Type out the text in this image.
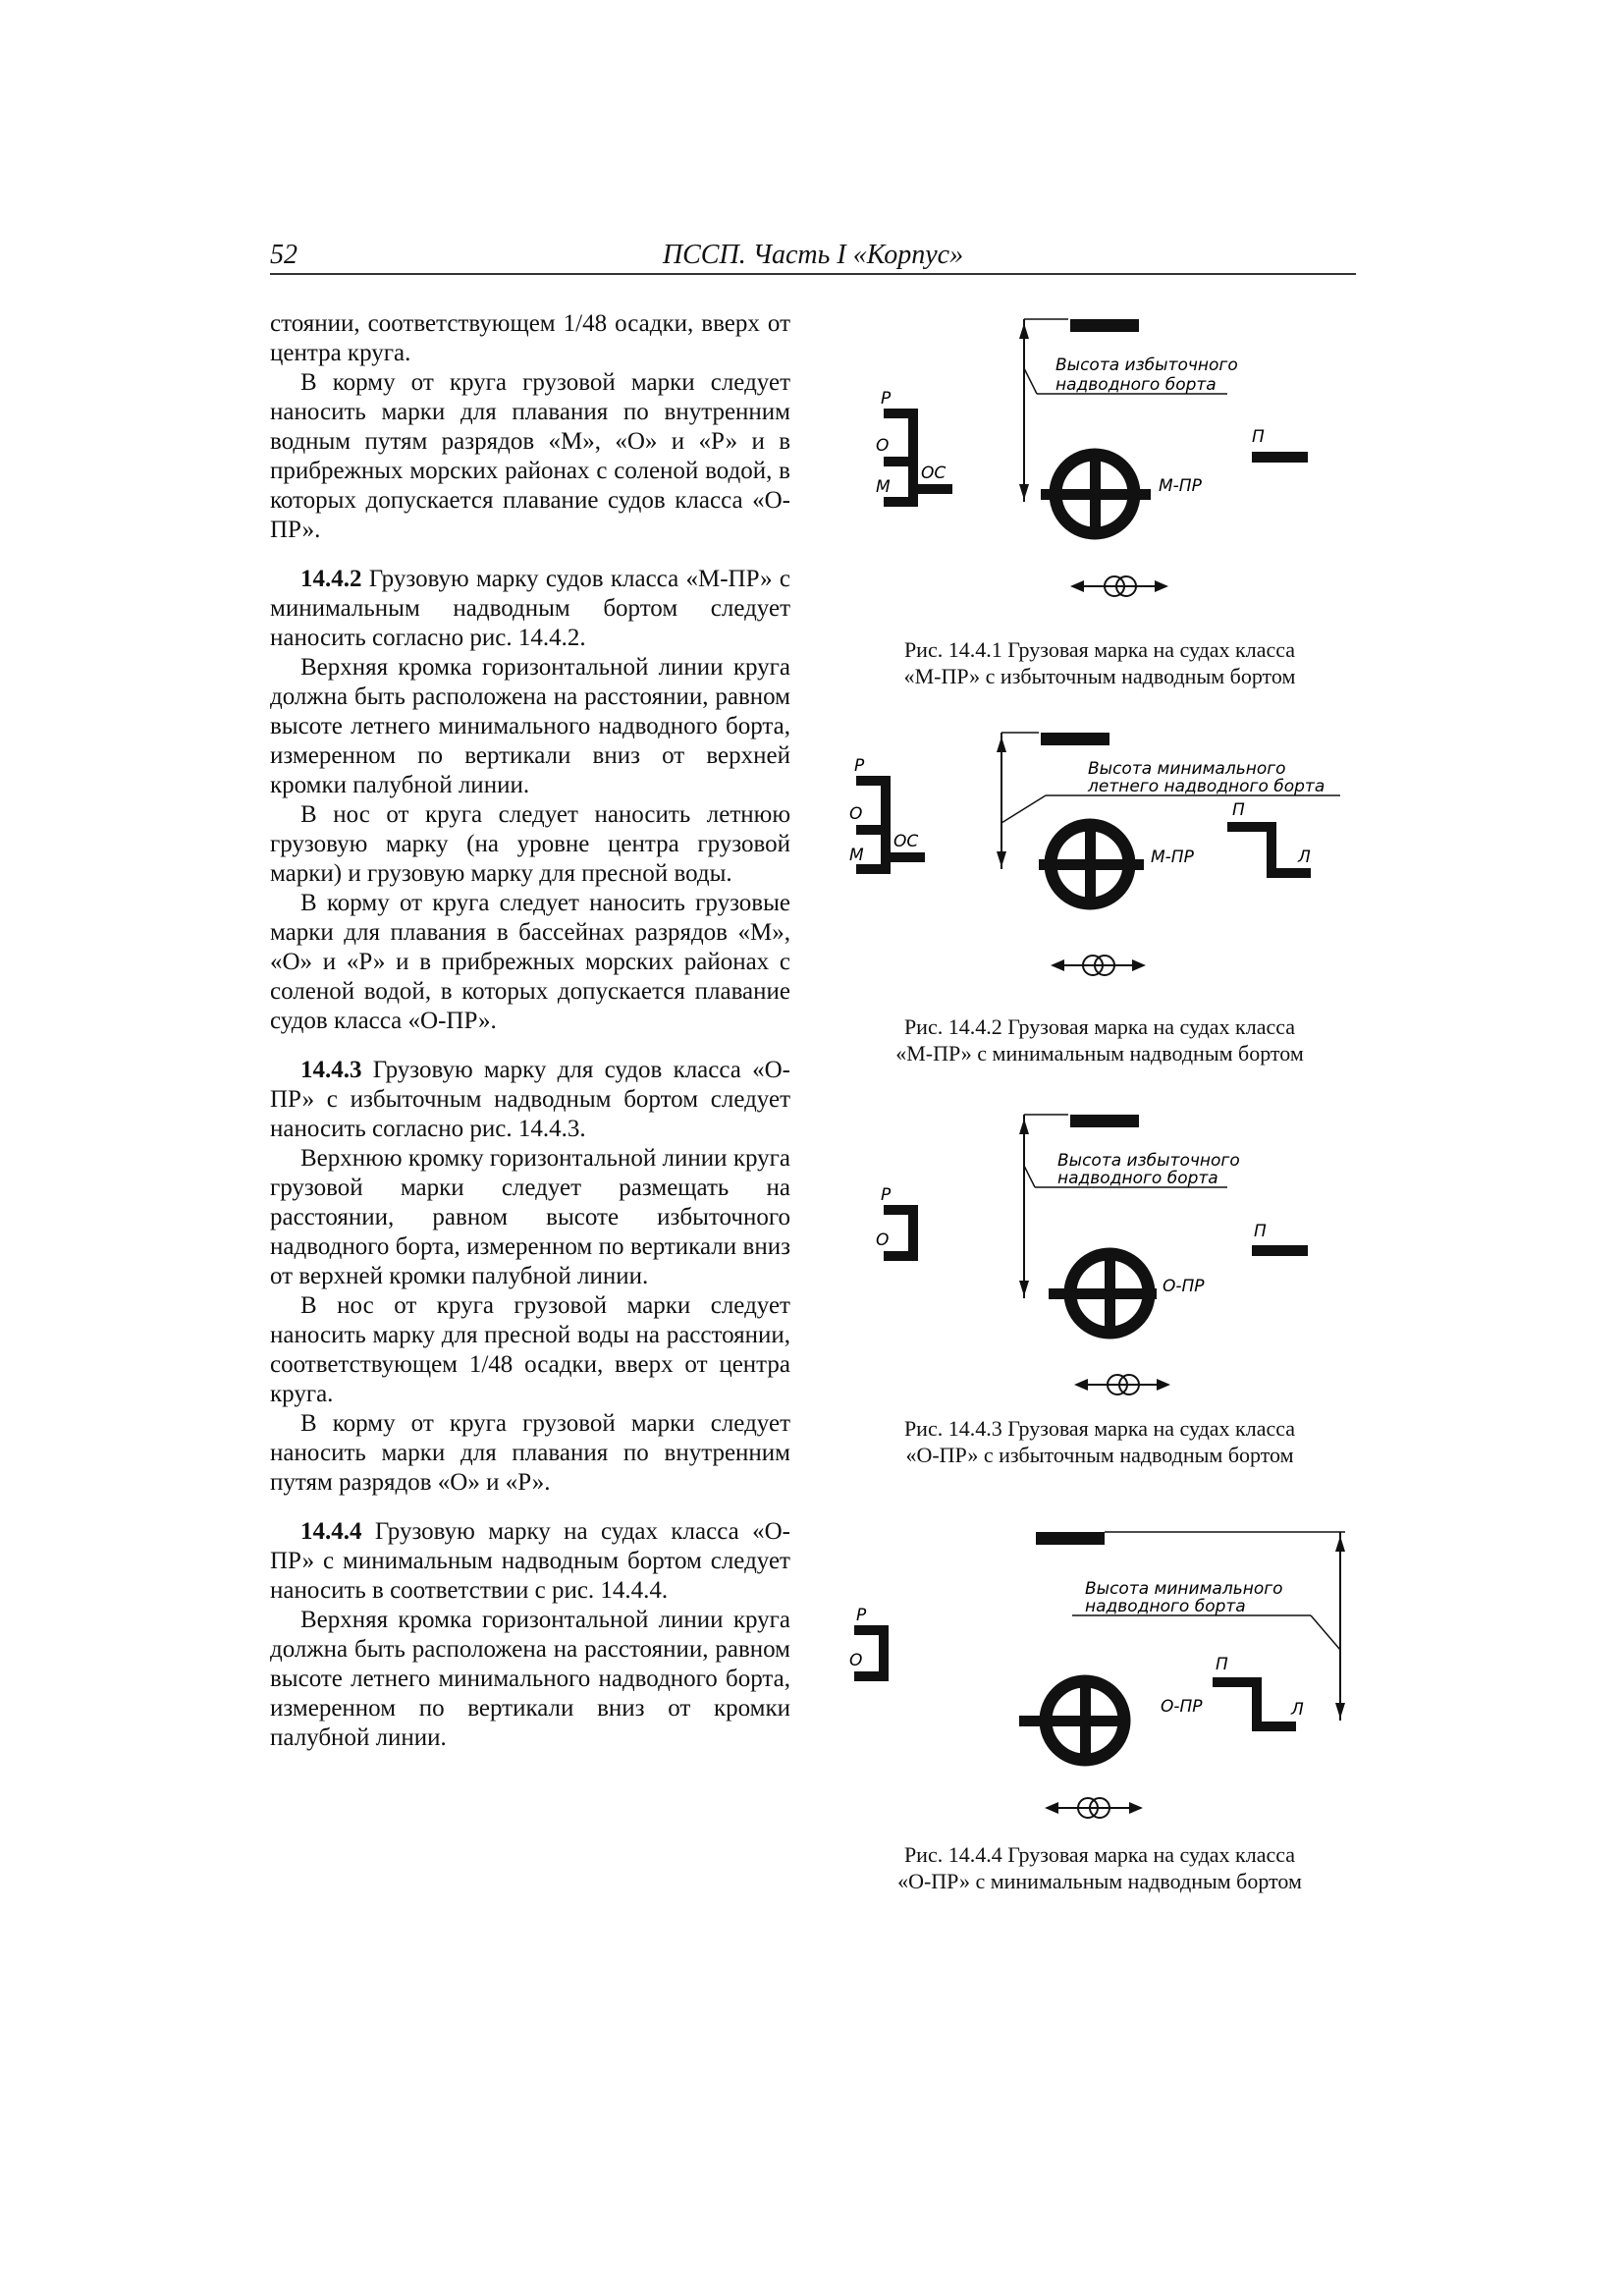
52	ПССП. Часть I «Корпус»

стоянии, соответствующем 1/48 осадки, вверх от центра круга.

В корму от круга грузовой марки следует наносить марки для плавания по внутренним водным путям разрядов «М», «О» и «Р» и в прибрежных морских районах с соленой водой, в которых допускается плавание судов класса «О-ПР».

14.4.2 Грузовую марку судов класса «М-ПР» с минимальным надводным бортом следует наносить согласно рис. 14.4.2.

Верхняя кромка горизонтальной линии круга должна быть расположена на расстоянии, равном высоте летнего минимального надводного борта, измеренном по вертикали вниз от верхней кромки палубной линии.

В нос от круга следует наносить летнюю грузовую марку (на уровне центра грузовой марки) и грузовую марку для пресной воды.

В корму от круга следует наносить грузовые марки для плавания в бассейнах разрядов «М», «О» и «Р» и в прибрежных морских районах с соленой водой, в которых допускается плавание судов класса «О-ПР».

14.4.3 Грузовую марку для судов класса «О-ПР» с избыточным надводным бортом следует наносить согласно рис. 14.4.3.

Верхнюю кромку горизонтальной линии круга грузовой марки следует размещать на расстоянии, равном высоте избыточного надводного борта, измеренном по вертикали вниз от верхней кромки палубной линии.

В нос от круга грузовой марки следует наносить марку для пресной воды на расстоянии, соответствующем 1/48 осадки, вверх от центра круга.

В корму от круга грузовой марки следует наносить марки для плавания по внутренним путям разрядов «О» и «Р».

14.4.4 Грузовую марку на судах класса «О-ПР» с минимальным надводным бортом следует наносить в соответствии с рис. 14.4.4.

Верхняя кромка горизонтальной линии круга должна быть расположена на расстоянии, равном высоте летнего минимального надводного борта, измеренном по вертикали вниз от кромки палубной линии.

Высота избыточного
надводного борта
Р
О
М
ОС
М-ПР
П
Рис. 14.4.1 Грузовая марка на судах класса
«М-ПР» с избыточным надводным бортом
Высота минимального
летнего надводного борта
Р
О
М
ОС
М-ПР
П
Л
Рис. 14.4.2 Грузовая марка на судах класса
«М-ПР» с минимальным надводным бортом
Высота избыточного
надводного борта
Р
О
О-ПР
П
Рис. 14.4.3 Грузовая марка на судах класса
«О-ПР» с избыточным надводным бортом
Высота минимального
надводного борта
Р
О
О-ПР
П
Л
Рис. 14.4.4 Грузовая марка на судах класса
«О-ПР» с минимальным надводным бортом
